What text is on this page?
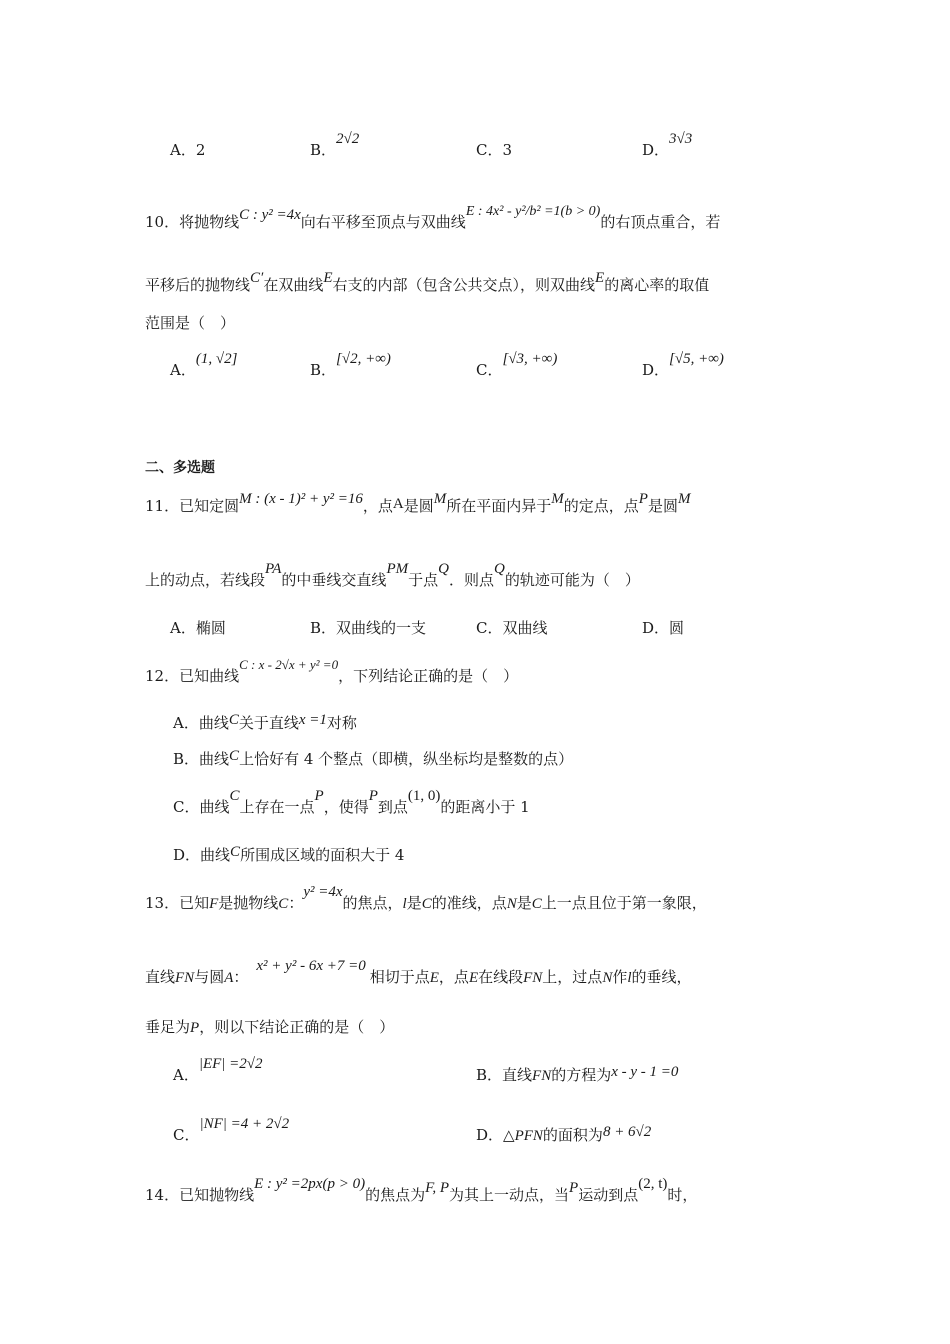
A．2	B．2√2
C．3	D．3√3
10．将抛物线C : y² =4x向右平移至顶点与双曲线E : 4x² - y²/b² =1(b > 0)的右顶点重合，若
平移后的抛物线C′在双曲线E右支的内部（包含公共交点），则双曲线E的离心率的取值
范围是（　）
A．(1, √2]
B．[√2, +∞)
C．[√3, +∞)
D．[√5, +∞)
二、多选题
11．已知定圆M : (x - 1)² + y² =16，点A是圆M所在平面内异于M的定点，点P是圆M
上的动点，若线段PA的中垂线交直线PM于点Q．则点Q的轨迹可能为（　）
A．椭圆	B．双曲线的一支	C．双曲线	D．圆
12．已知曲线C : x - 2√x + y² =0，下列结论正确的是（　）
A．曲线C关于直线x =1对称
B．曲线C上恰好有 4 个整点（即横，纵坐标均是整数的点）
C．曲线C上存在一点P，使得P到点(1, 0)的距离小于 1
D．曲线C所围成区域的面积大于 4
13．已知F是抛物线C：y² =4x的焦点，l是C的准线，点N是C上一点且位于第一象限，
直线FN与圆A：x² + y² - 6x +7 =0相切于点E，点E在线段FN上，过点N作l的垂线，
垂足为P，则以下结论正确的是（　）
A．|EF| =2√2
B．直线FN的方程为x - y - 1 =0
C．|NF| =4 + 2√2
D．△PFN的面积为8 + 6√2
14．已知抛物线E : y² =2px(p > 0)的焦点为F, P为其上一动点，当P运动到点(2, t)时，
